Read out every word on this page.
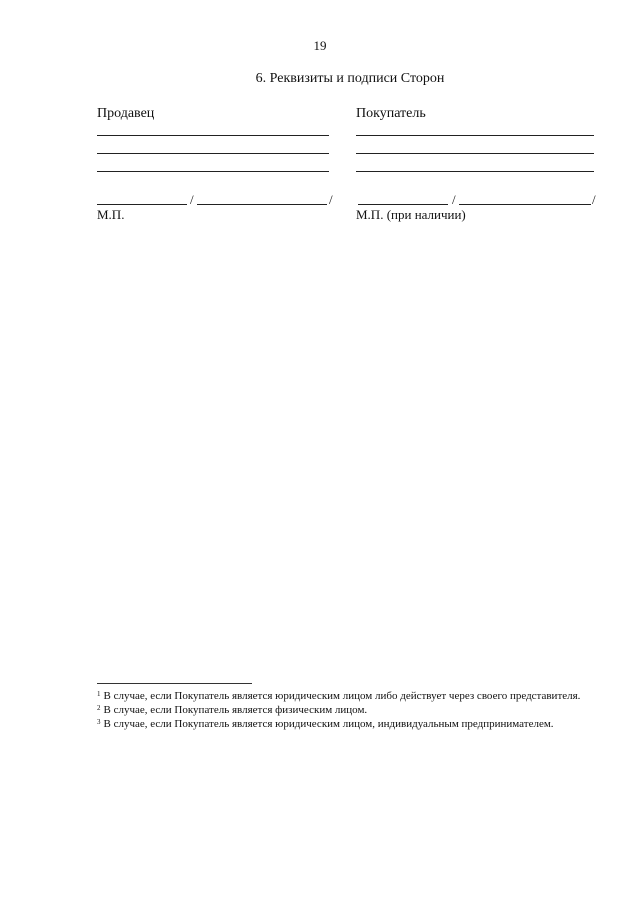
19
6. Реквизиты и подписи Сторон
Продавец
/	/
М.П.
Покупатель
/	/
М.П. (при наличии)
$^1$ В случае, если Покупатель является юридическим лицом либо действует через своего представителя.
$^2$ В случае, если Покупатель является физическим лицом.
$^3$ В случае, если Покупатель является юридическим лицом, индивидуальным предпринимателем.
